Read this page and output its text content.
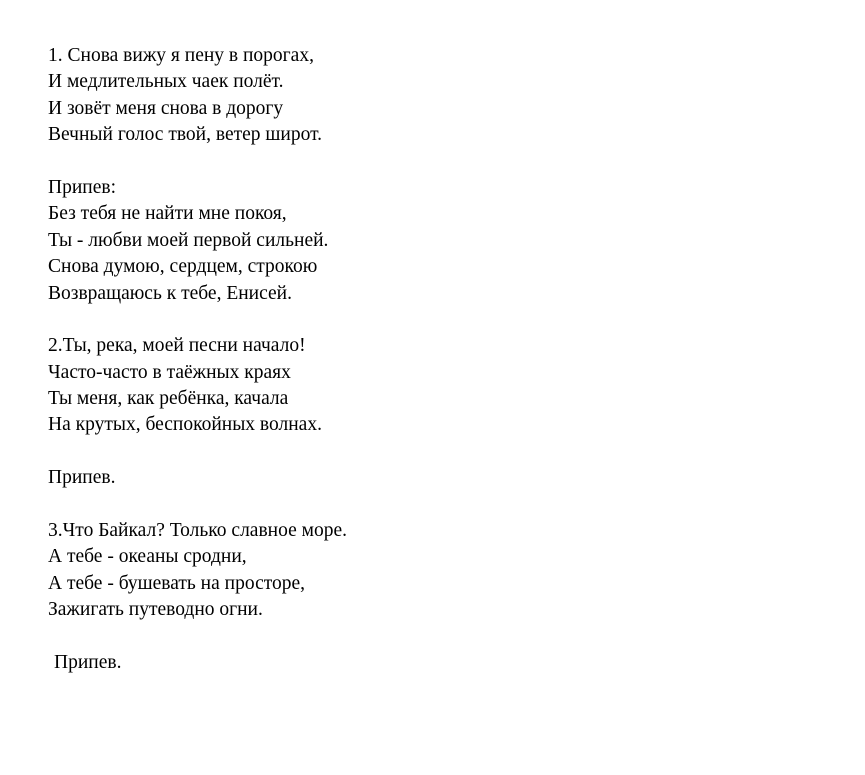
1. Снова вижу я пену в порогах,

И медлительных чаек полёт.

И зовёт меня снова в дорогу

Вечный голос твой, ветер широт.

Припев:

Без тебя не найти мне покоя,

Ты - любви моей первой сильней.

Снова думою, сердцем, строкою

Возвращаюсь к тебе, Енисей.

2.Ты, река, моей песни начало!

Часто-часто в таёжных краях

Ты меня, как ребёнка, качала

На крутых, беспокойных волнах.

Припев.

3.Что Байкал? Только славное море.

А тебе - океаны сродни,

А тебе - бушевать на просторе,

Зажигать путеводно огни.

Припев.
